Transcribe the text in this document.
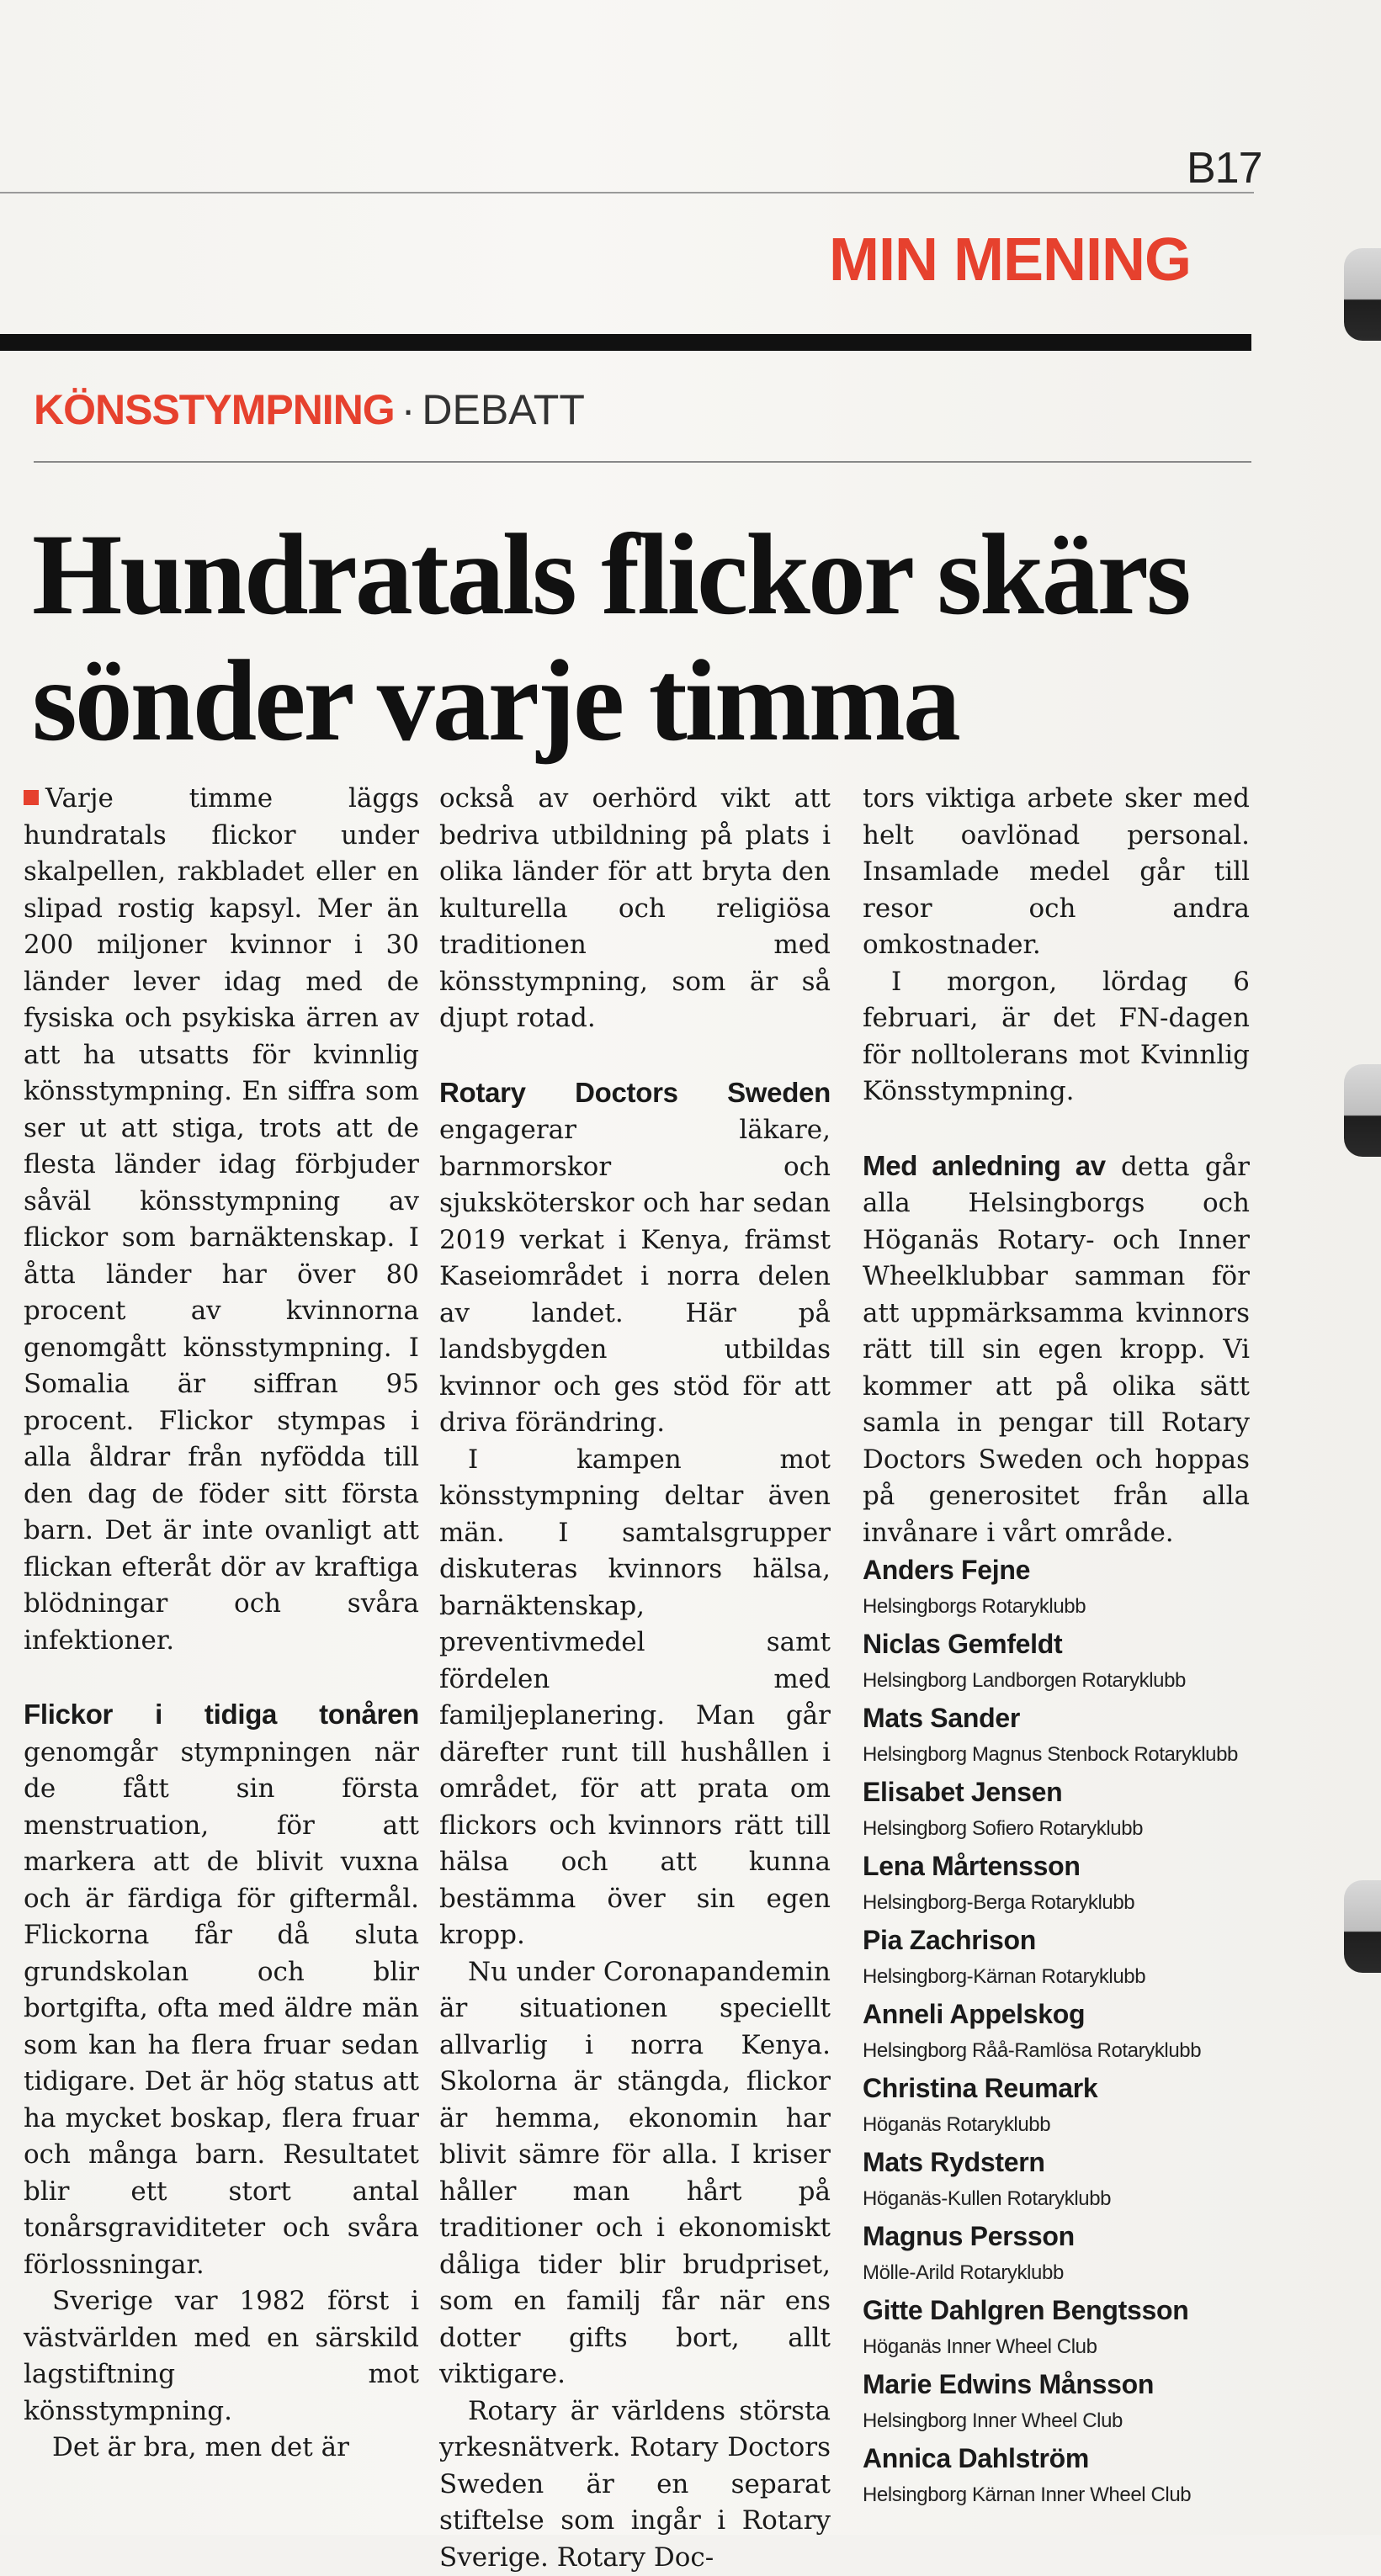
B17
MIN MENING
KÖNSSTYMPNING · DEBATT
Hundratals flickor skärs
sönder varje timma

Varje timme läggs hundratals flickor under skalpellen, rakbladet eller en slipad rostig kapsyl. Mer än 200 miljoner kvinnor i 30 länder lever idag med de fysiska och psykiska ärren av att ha utsatts för kvinnlig könsstympning. En siffra som ser ut att stiga, trots att de flesta länder idag förbjuder såväl könsstympning av flickor som barnäktenskap. I åtta länder har över 80 procent av kvinnorna genomgått könsstympning. I Somalia är siffran 95 procent. Flickor stympas i alla åldrar från nyfödda till den dag de föder sitt första barn. Det är inte ovanligt att flickan efteråt dör av kraftiga blödningar och svåra infektioner.

Flickor i tidiga tonåren genomgår stympningen när de fått sin första menstruation, för att markera att de blivit vuxna och är färdiga för giftermål. Flickorna får då sluta grundskolan och blir bortgifta, ofta med äldre män som kan ha flera fruar sedan tidigare. Det är hög status att ha mycket boskap, flera fruar och många barn. Resultatet blir ett stort antal tonårsgraviditeter och svåra förlossningar.

Sverige var 1982 först i västvärlden med en särskild lagstiftning mot könsstympning.

Det är bra, men det är

också av oerhörd vikt att bedriva utbildning på plats i olika länder för att bryta den kulturella och religiösa traditionen med könsstympning, som är så djupt rotad.

Rotary Doctors Sweden engagerar läkare, barnmorskor och sjuksköterskor och har sedan 2019 verkat i Kenya, främst Kaseiområdet i norra delen av landet. Här på landsbygden utbildas kvinnor och ges stöd för att driva förändring.

I kampen mot könsstympning deltar även män. I samtalsgrupper diskuteras kvinnors hälsa, barnäktenskap, preventivmedel samt fördelen med familjeplanering. Man går därefter runt till hushållen i området, för att prata om flickors och kvinnors rätt till hälsa och att kunna bestämma över sin egen kropp.

Nu under Coronapandemin är situationen speciellt allvarlig i norra Kenya. Skolorna är stängda, flickor är hemma, ekonomin har blivit sämre för alla. I kriser håller man hårt på traditioner och i ekonomiskt dåliga tider blir brudpriset, som en familj får när ens dotter gifts bort, allt viktigare.

Rotary är världens största yrkesnätverk. Rotary Doctors Sweden är en separat stiftelse som ingår i Rotary Sverige. Rotary Doc-

tors viktiga arbete sker med helt oavlönad personal. Insamlade medel går till resor och andra omkostnader.

I morgon, lördag 6 februari, är det FN-dagen för nolltolerans mot Kvinnlig Könsstympning.

Med anledning av detta går alla Helsingborgs och Höganäs Rotary- och Inner Wheelklubbar samman för att uppmärksamma kvinnors rätt till sin egen kropp. Vi kommer att på olika sätt samla in pengar till Rotary Doctors Sweden och hoppas på generositet från alla invånare i vårt område.

Anders Fejne
Helsingborgs Rotaryklubb
Niclas Gemfeldt
Helsingborg Landborgen Rotaryklubb
Mats Sander
Helsingborg Magnus Stenbock Rotaryklubb
Elisabet Jensen
Helsingborg Sofiero Rotaryklubb
Lena Mårtensson
Helsingborg-Berga Rotaryklubb
Pia Zachrison
Helsingborg-Kärnan Rotaryklubb
Anneli Appelskog
Helsingborg Råå-Ramlösa Rotaryklubb
Christina Reumark
Höganäs Rotaryklubb
Mats Rydstern
Höganäs-Kullen Rotaryklubb
Magnus Persson
Mölle-Arild Rotaryklubb
Gitte Dahlgren Bengtsson
Höganäs Inner Wheel Club
Marie Edwins Månsson
Helsingborg Inner Wheel Club
Annica Dahlström
Helsingborg Kärnan Inner Wheel Club
